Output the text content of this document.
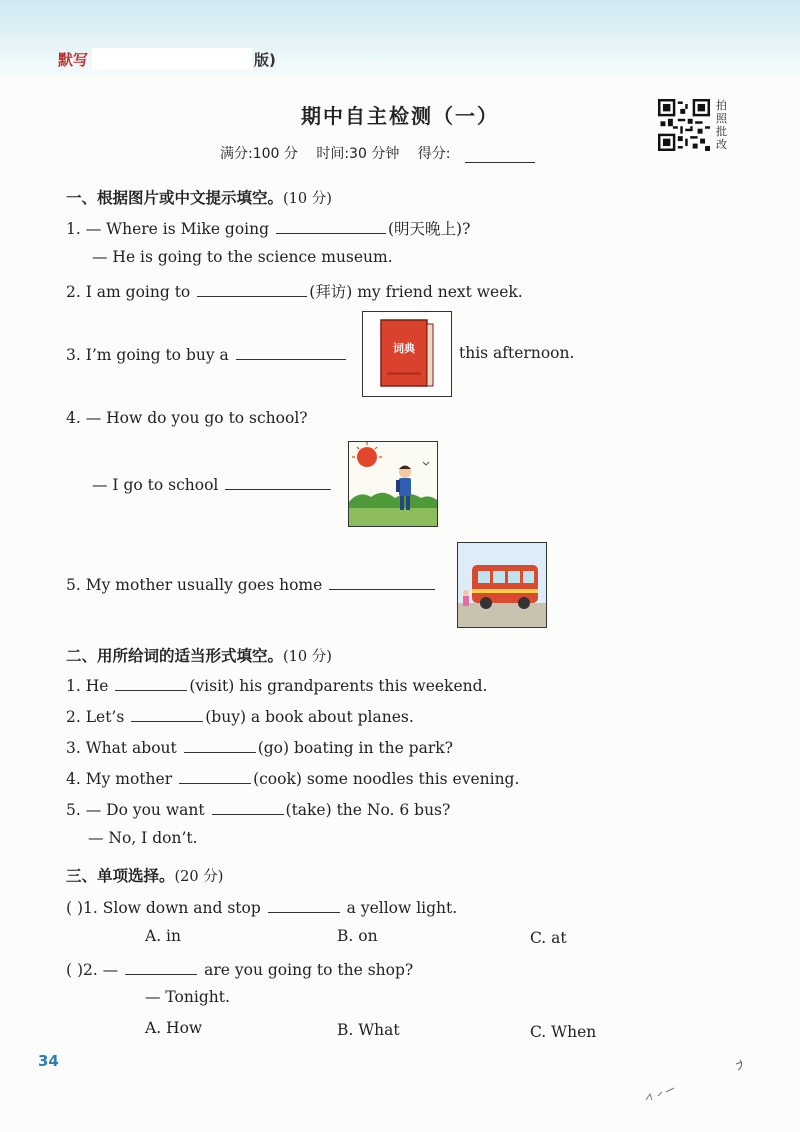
默写	版)
期中自主检测（一）
满分:100 分 时间:30 分钟 得分:
拍照批改
一、根据图片或中文提示填空。(10 分)
1. — Where is Mike going	(明天晚上)?
— He is going to the science museum.
2. I am going to	(拜访) my friend next week.
3. I’m going to buy a	词典	this afternoon.
4. — How do you go to school?
— I go to school
5. My mother usually goes home
二、用所给词的适当形式填空。(10 分)
1. He	(visit) his grandparents this weekend.
2. Let’s	(buy) a book about planes.
3. What about	(go) boating in the park?
4. My mother	(cook) some noodles this evening.
5. — Do you want	(take) the No. 6 bus?
— No, I don’t.
三、单项选择。(20 分)
( )1. Slow down and stop	a yellow light.
A. in	B. on	C. at
( )2. —	are you going to the shop?
— Tonight.
A. How	B. What	C. When
34
